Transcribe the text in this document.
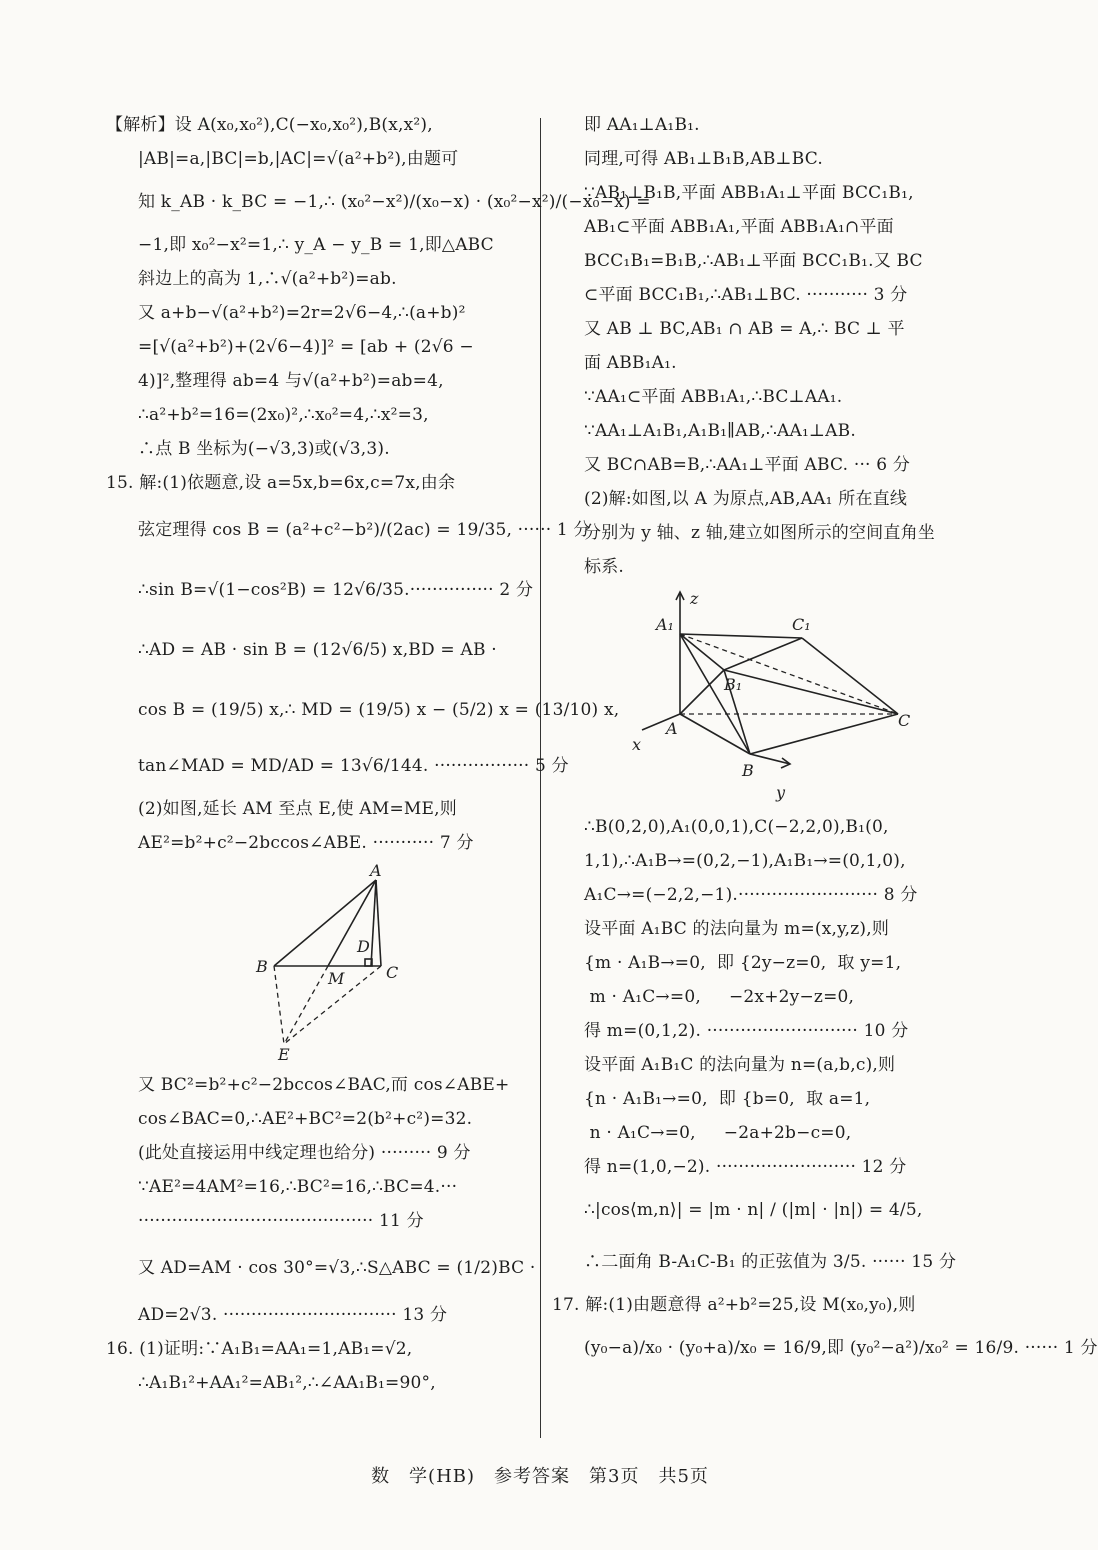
【解析】设 A(x₀,x₀²),C(−x₀,x₀²),B(x,x²),

|AB|=a,|BC|=b,|AC|=√(a²+b²),由题可

知 k_AB · k_BC = −1,∴ (x₀²−x²)/(x₀−x) · (x₀²−x²)/(−x₀−x) =

−1,即 x₀²−x²=1,∴ y_A − y_B = 1,即△ABC

斜边上的高为 1,∴√(a²+b²)=ab.

又 a+b−√(a²+b²)=2r=2√6−4,∴(a+b)²

=[√(a²+b²)+(2√6−4)]² = [ab + (2√6 −

4)]²,整理得 ab=4 与√(a²+b²)=ab=4,

∴a²+b²=16=(2x₀)²,∴x₀²=4,∴x²=3,

∴点 B 坐标为(−√3,3)或(√3,3).

15. 解:(1)依题意,设 a=5x,b=6x,c=7x,由余

弦定理得 cos B = (a²+c²−b²)/(2ac) = 19/35, ······ 1 分

∴sin B=√(1−cos²B) = 12√6/35.··············· 2 分

∴AD = AB · sin B = (12√6/5) x,BD = AB ·

cos B = (19/5) x,∴ MD = (19/5) x − (5/2) x = (13/10) x,

tan∠MAD = MD/AD = 13√6/144. ················· 5 分

(2)如图,延长 AM 至点 E,使 AM=ME,则

AE²=b²+c²−2bccos∠ABE. ··········· 7 分

A
B	C
D
M
E

又 BC²=b²+c²−2bccos∠BAC,而 cos∠ABE+

cos∠BAC=0,∴AE²+BC²=2(b²+c²)=32.

(此处直接运用中线定理也给分) ········· 9 分

∵AE²=4AM²=16,∴BC²=16,∴BC=4.···

·········································· 11 分

又 AD=AM · cos 30°=√3,∴S△ABC = (1/2)BC ·

AD=2√3. ······························· 13 分

16. (1)证明:∵A₁B₁=AA₁=1,AB₁=√2,

∴A₁B₁²+AA₁²=AB₁²,∴∠AA₁B₁=90°,

即 AA₁⊥A₁B₁.

同理,可得 AB₁⊥B₁B,AB⊥BC.

∵AB₁⊥B₁B,平面 ABB₁A₁⊥平面 BCC₁B₁,

AB₁⊂平面 ABB₁A₁,平面 ABB₁A₁∩平面

BCC₁B₁=B₁B,∴AB₁⊥平面 BCC₁B₁.又 BC

⊂平面 BCC₁B₁,∴AB₁⊥BC. ··········· 3 分

又 AB ⊥ BC,AB₁ ∩ AB = A,∴ BC ⊥ 平

面 ABB₁A₁.

∵AA₁⊂平面 ABB₁A₁,∴BC⊥AA₁.

∵AA₁⊥A₁B₁,A₁B₁∥AB,∴AA₁⊥AB.

又 BC∩AB=B,∴AA₁⊥平面 ABC. ··· 6 分

(2)解:如图,以 A 为原点,AB,AA₁ 所在直线

分别为 y 轴、z 轴,建立如图所示的空间直角坐

标系.

z
A₁	C₁
B₁
A	C
x
B
y

∴B(0,2,0),A₁(0,0,1),C(−2,2,0),B₁(0,

1,1),∴A₁B→=(0,2,−1),A₁B₁→=(0,1,0),

A₁C→=(−2,2,−1).························· 8 分

设平面 A₁BC 的法向量为 m=(x,y,z),则

{m · A₁B→=0,  即 {2y−z=0,  取 y=1,

m · A₁C→=0,     −2x+2y−z=0,

得 m=(0,1,2). ··························· 10 分

设平面 A₁B₁C 的法向量为 n=(a,b,c),则

{n · A₁B₁→=0,  即 {b=0,  取 a=1,

n · A₁C→=0,     −2a+2b−c=0,

得 n=(1,0,−2). ························· 12 分

∴|cos⟨m,n⟩| = |m · n| / (|m| · |n|) = 4/5,

∴二面角 B-A₁C-B₁ 的正弦值为 3/5. ······ 15 分

17. 解:(1)由题意得 a²+b²=25,设 M(x₀,y₀),则

(y₀−a)/x₀ · (y₀+a)/x₀ = 16/9,即 (y₀²−a²)/x₀² = 16/9. ······ 1 分

数　学(HB)　参考答案　第3页　共5页
